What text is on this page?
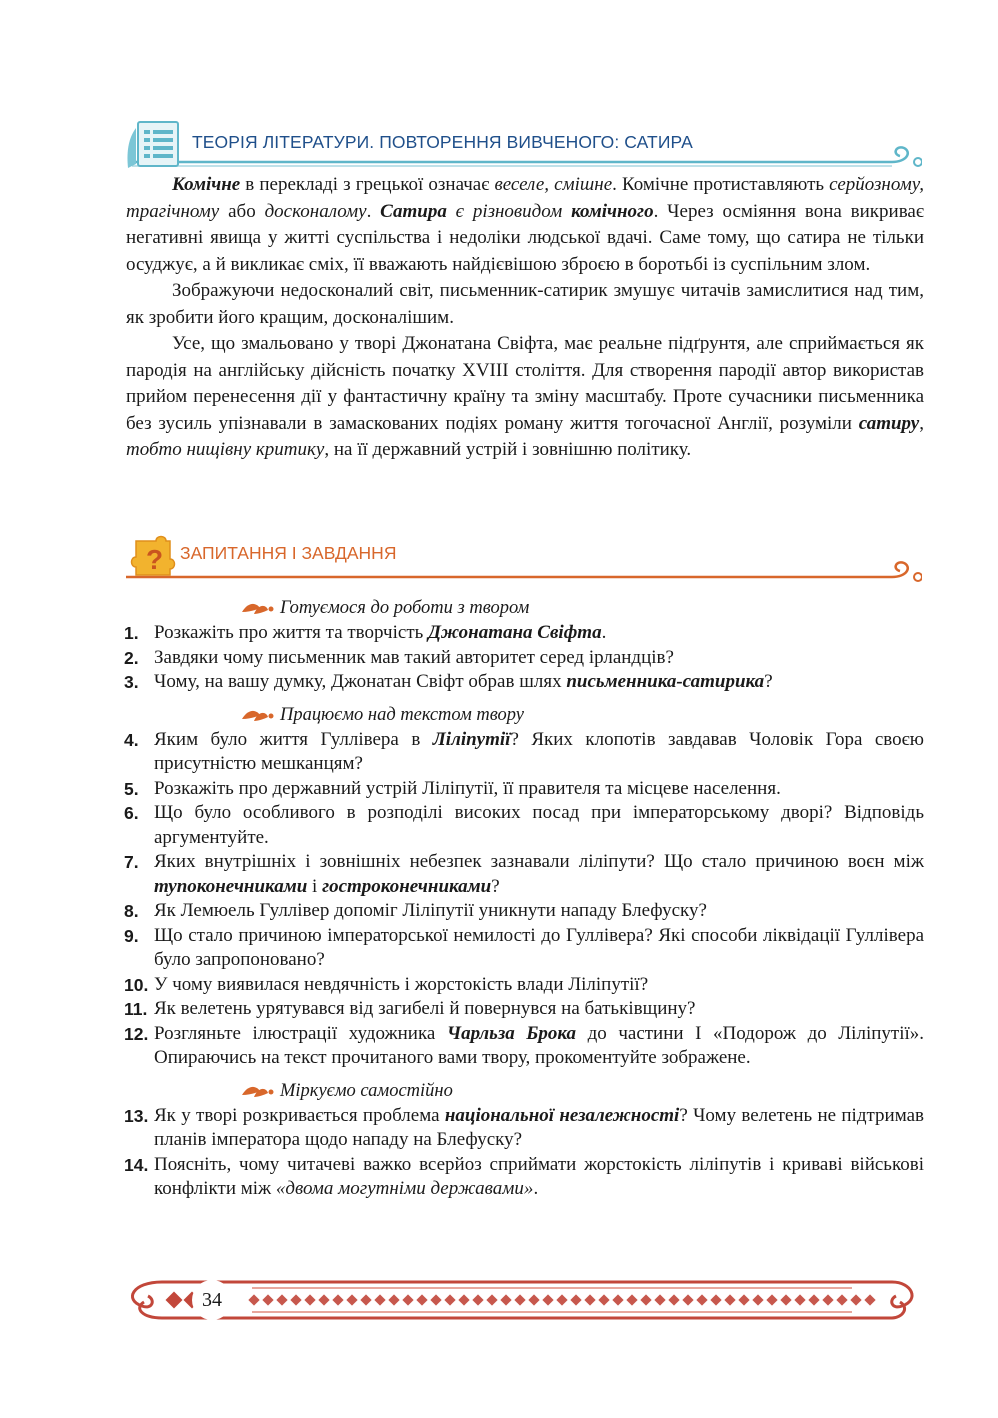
ТЕОРІЯ ЛІТЕРАТУРИ. ПОВТОРЕННЯ ВИВЧЕНОГО: САТИРА

Комічне в перекладі з грецької означає веселе, смішне. Комічне протиставляють серйозному, трагічному або досконалому. Сатира є різновидом комічного. Через осміяння вона викриває негативні явища у житті суспільства і недоліки людської вдачі. Саме тому, що сатира не тільки осуджує, а й викликає сміх, її вважають найдієвішою зброєю в боротьбі із суспільним злом.

Зображуючи недосконалий світ, письменник-сатирик змушує читачів замислитися над тим, як зробити його кращим, досконалішим.

Усе, що змальовано у творі Джонатана Свіфта, має реальне підґрунтя, але сприймається як пародія на англійську дійсність початку XVIII століття. Для створення пародії автор використав прийом перенесення дії у фантастичну країну та зміну масштабу. Проте сучасники письменника без зусиль упізнавали в замаскованих подіях роману життя тогочасної Англії, розуміли сатиру, тобто нищівну критику, на її державний устрій і зовнішню політику.

? ЗАПИТАННЯ І ЗАВДАННЯ
Готуємося до роботи з твором
1. Розкажіть про життя та творчість Джонатана Свіфта.
2. Завдяки чому письменник мав такий авторитет серед ірландців?
3. Чому, на вашу думку, Джонатан Свіфт обрав шлях письменника-сатирика?
Працюємо над текстом твору
4. Яким було життя Гуллівера в Ліліпутії? Яких клопотів завдавав Чоловік Гора своєю присутністю мешканцям?
5. Розкажіть про державний устрій Ліліпутії, її правителя та місцеве населення.
6. Що було особливого в розподілі високих посад при імператорському дворі? Відповідь аргументуйте.
7. Яких внутрішніх і зовнішніх небезпек зазнавали ліліпути? Що стало причиною воєн між тупоконечниками і гостроконечниками?
8. Як Лемюель Гуллівер допоміг Ліліпутії уникнути нападу Блефуску?
9. Що стало причиною імператорської немилості до Гуллівера? Які способи ліквідації Гуллівера було запропоновано?
10. У чому виявилася невдячність і жорстокість влади Ліліпутії?
11. Як велетень урятувався від загибелі й повернувся на батьківщину?
12. Розгляньте ілюстрації художника Чарльза Брока до частини I «Подорож до Ліліпутії». Опираючись на текст прочитаного вами твору, прокоментуйте зображене.
Міркуємо самостійно
13. Як у творі розкривається проблема національної незалежності? Чому велетень не підтримав планів імператора щодо нападу на Блефуску?
14. Поясніть, чому читачеві важко всерйоз сприймати жорстокість ліліпутів і криваві військові конфлікти між «двома могутніми державами».
34
